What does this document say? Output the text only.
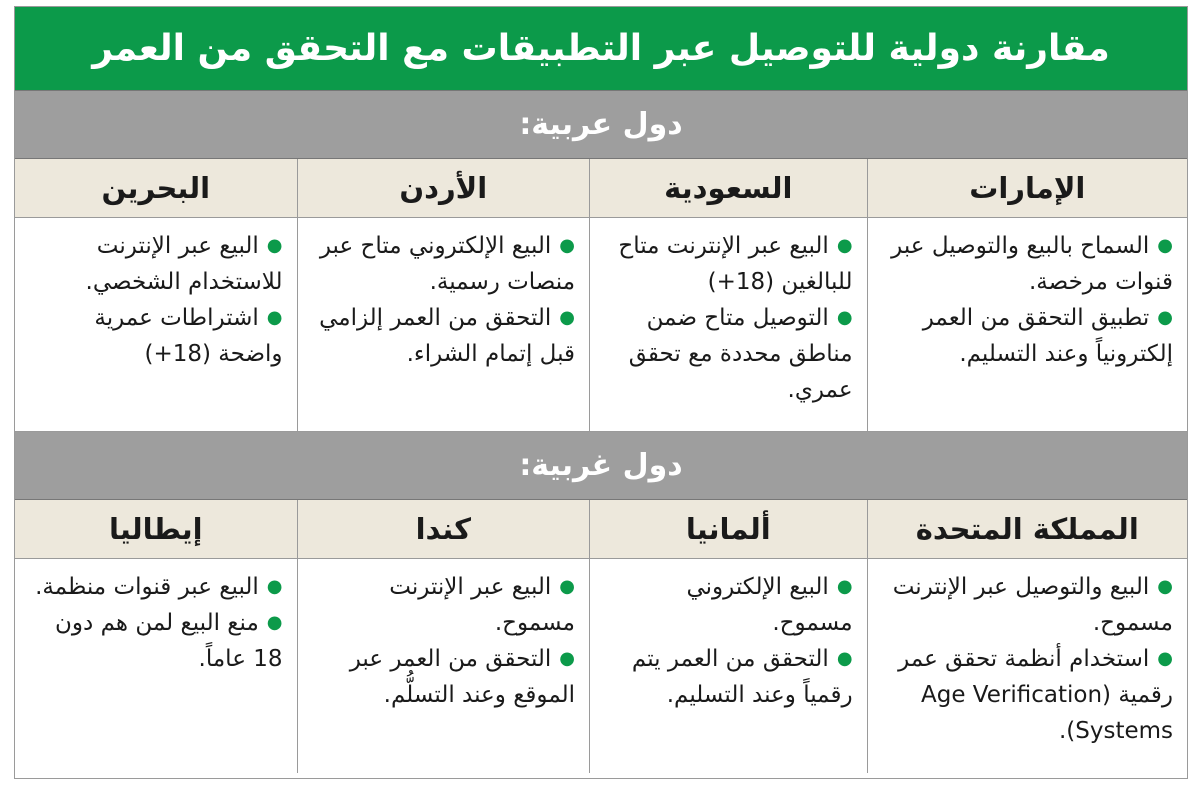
مقارنة دولية للتوصيل عبر التطبيقات مع التحقق من العمر
دول عربية:
الإمارات
السعودية
الأردن
البحرين
●السماح بالبيع والتوصيل عبر قنوات مرخصة.
●تطبيق التحقق من العمر إلكترونياً وعند التسليم.
●البيع عبر الإنترنت متاح للبالغين (18+)
●التوصيل متاح ضمن مناطق محددة مع تحقق عمري.
●البيع الإلكتروني متاح عبر منصات رسمية.
●التحقق من العمر إلزامي قبل إتمام الشراء.
●البيع عبر الإنترنت للاستخدام الشخصي.
●اشتراطات عمرية واضحة (18+)
دول غربية:
المملكة المتحدة
ألمانيا
كندا
إيطاليا
●البيع والتوصيل عبر الإنترنت مسموح.
●استخدام أنظمة تحقق عمر رقمية (Age Verification Systems).
●البيع الإلكتروني مسموح.
●التحقق من العمر يتم رقمياً وعند التسليم.
●البيع عبر الإنترنت مسموح.
●التحقق من العمر عبر الموقع وعند التسلُّم.
●البيع عبر قنوات منظمة.
●منع البيع لمن هم دون 18 عاماً.
